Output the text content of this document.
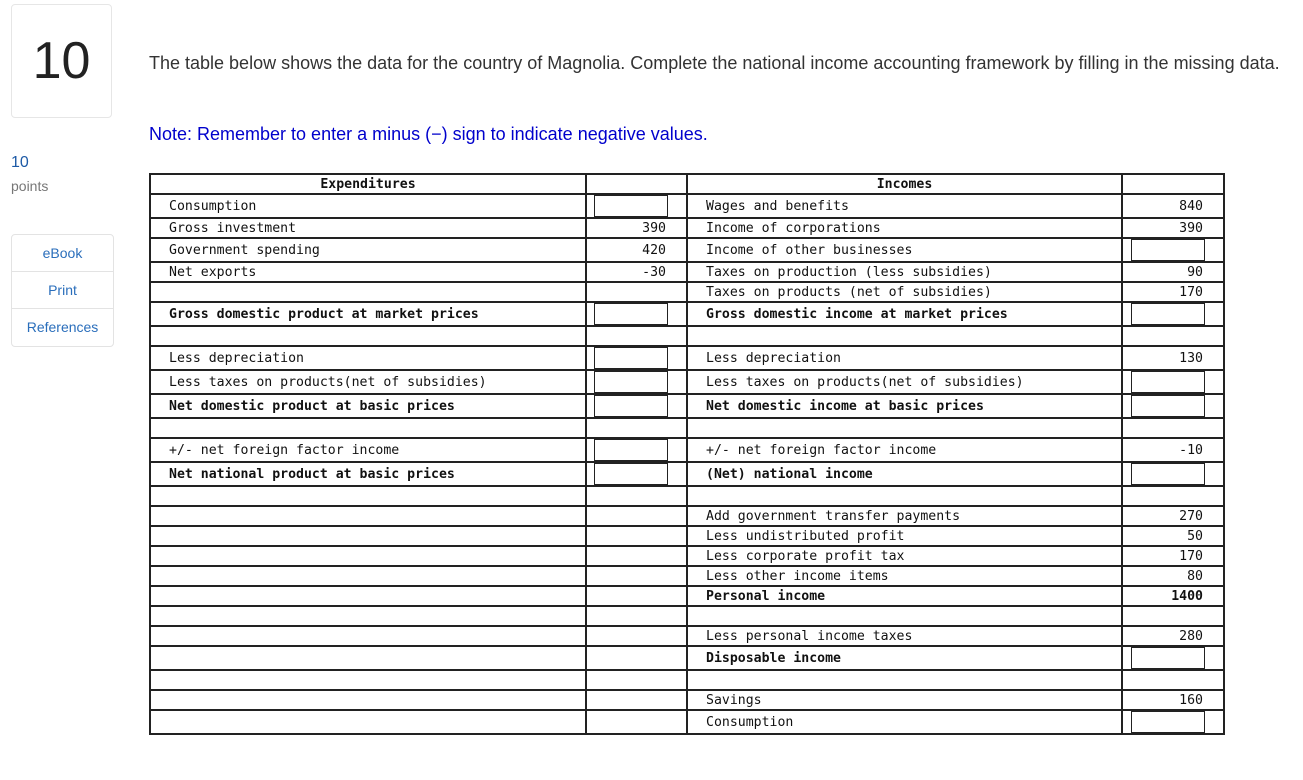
10
10
points
eBook
Print
References
The table below shows the data for the country of Magnolia. Complete the national income accounting framework by filling in the missing data.
Note: Remember to enter a minus (−) sign to indicate negative values.
Expenditures		Incomes	
Consumption		Wages and benefits	840
Gross investment	390	Income of corporations	390
Government spending	420	Income of other businesses	

Net exports	-30	Taxes on production (less subsidies)	90
		Taxes on products (net of subsidies)	170
Gross domestic product at market prices		Gross domestic income at market prices	

Less depreciation		Less depreciation	130
Less taxes on products(net of subsidies)		Less taxes on products(net of subsidies)	

Net domestic product at basic prices		Net domestic income at basic prices	

+/- net foreign factor income		+/- net foreign factor income	-10
Net national product at basic prices		(Net) national income	

		Add government transfer payments	270
		Less undistributed profit	50
		Less corporate profit tax	170
		Less other income items	80
		Personal income	1400

		Less personal income taxes	280
		Disposable income	

		Savings	160
		Consumption	
